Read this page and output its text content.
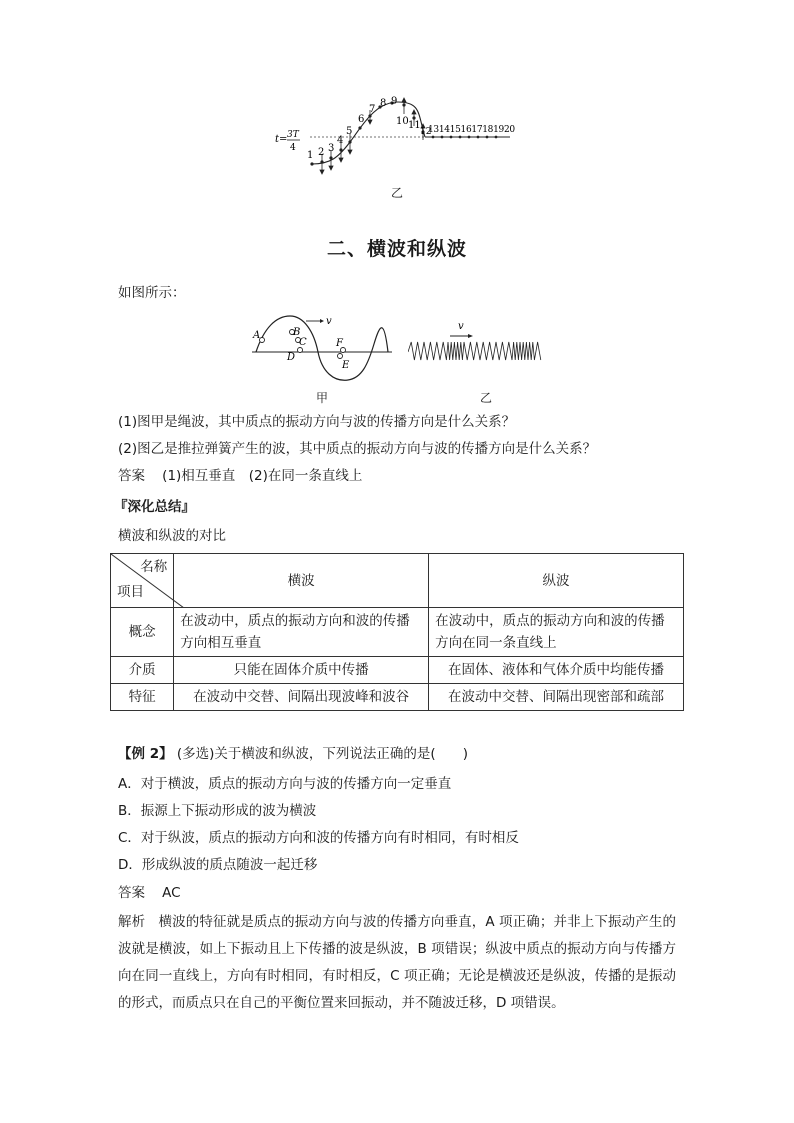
t= 3T
4
1 2 3
4
5
6
7
8 9
10 11
12
1314151617181920
乙
二、横波和纵波
如图所示：
v
A	B
C
D
E
F
甲
v
乙
(1)图甲是绳波，其中质点的振动方向与波的传播方向是什么关系？
(2)图乙是推拉弹簧产生的波，其中质点的振动方向与波的传播方向是什么关系？
答案 (1)相互垂直　(2)在同一条直线上
『深化总结』
横波和纵波的对比
名称
项目	横波	纵波
概念	在波动中，质点的振动方向和波的传播方向相互垂直	在波动中，质点的振动方向和波的传播方向在同一条直线上
介质	只能在固体介质中传播	在固体、液体和气体介质中均能传播
特征	在波动中交替、间隔出现波峰和波谷	在波动中交替、间隔出现密部和疏部
【例 2】 (多选)关于横波和纵波，下列说法正确的是(　　)
A．对于横波，质点的振动方向与波的传播方向一定垂直
B．振源上下振动形成的波为横波
C．对于纵波，质点的振动方向和波的传播方向有时相同，有时相反
D．形成纵波的质点随波一起迁移
答案 AC
解析 横波的特征就是质点的振动方向与波的传播方向垂直，A 项正确；并非上下振动产生的波就是横波，如上下振动且上下传播的波是纵波，B 项错误；纵波中质点的振动方向与传播方向在同一直线上，方向有时相同，有时相反，C 项正确；无论是横波还是纵波，传播的是振动的形式，而质点只在自己的平衡位置来回振动，并不随波迁移，D 项错误。
